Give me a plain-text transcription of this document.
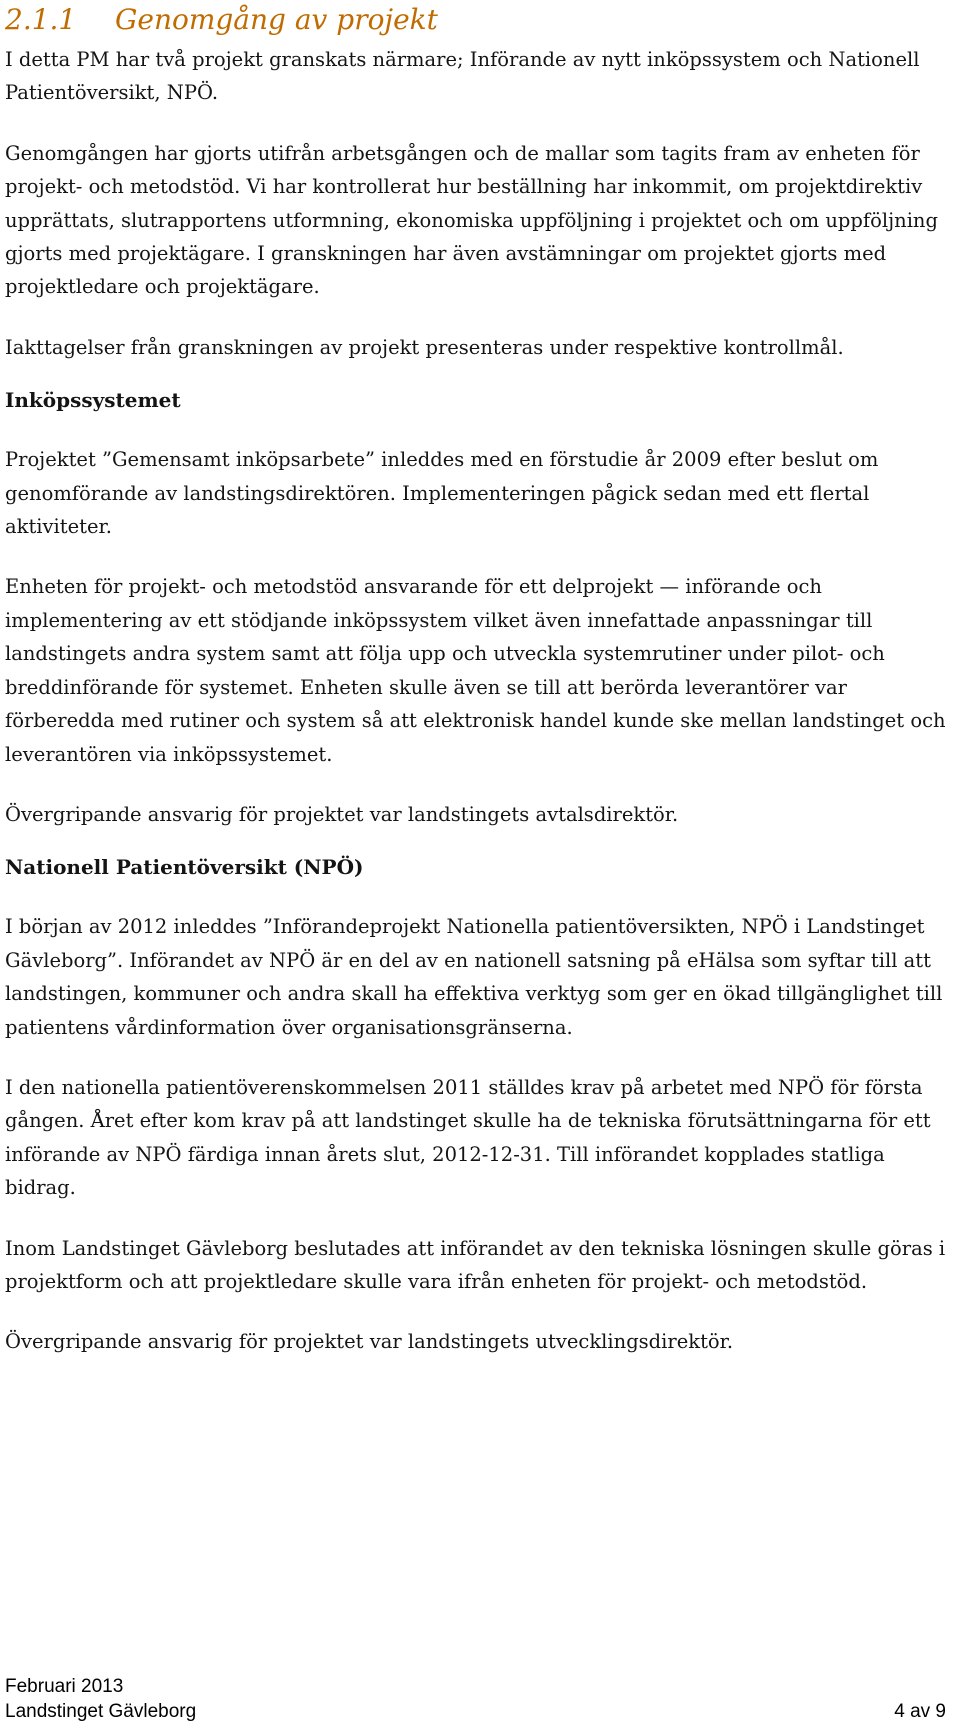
2.1.1 Genomgång av projekt

I detta PM har två projekt granskats närmare; Införande av nytt inköpssystem och Nationell Patientöversikt, NPÖ.

Genomgången har gjorts utifrån arbetsgången och de mallar som tagits fram av enheten för projekt- och metodstöd. Vi har kontrollerat hur beställning har inkommit, om projektdirektiv upprättats, slutrapportens utformning, ekonomiska uppföljning i projektet och om uppföljning gjorts med projektägare. I granskningen har även avstämningar om projektet gjorts med projektledare och projektägare.

Iakttagelser från granskningen av projekt presenteras under respektive kontrollmål.

Inköpssystemet

Projektet ”Gemensamt inköpsarbete” inleddes med en förstudie år 2009 efter beslut om genomförande av landstingsdirektören. Implementeringen pågick sedan med ett flertal aktiviteter.

Enheten för projekt- och metodstöd ansvarande för ett delprojekt — införande och implementering av ett stödjande inköpssystem vilket även innefattade anpassningar till landstingets andra system samt att följa upp och utveckla systemrutiner under pilot- och breddinförande för systemet. Enheten skulle även se till att berörda leverantörer var förberedda med rutiner och system så att elektronisk handel kunde ske mellan landstinget och leverantören via inköpssystemet.

Övergripande ansvarig för projektet var landstingets avtalsdirektör.

Nationell Patientöversikt (NPÖ)

I början av 2012 inleddes ”Införandeprojekt Nationella patientöversikten, NPÖ i Landstinget Gävleborg”. Införandet av NPÖ är en del av en nationell satsning på eHälsa som syftar till att landstingen, kommuner och andra skall ha effektiva verktyg som ger en ökad tillgänglighet till patientens vårdinformation över organisationsgränserna.

I den nationella patientöverenskommelsen 2011 ställdes krav på arbetet med NPÖ för första gången. Året efter kom krav på att landstinget skulle ha de tekniska förutsättningarna för ett införande av NPÖ färdiga innan årets slut, 2012-12-31. Till införandet kopplades statliga bidrag.

Inom Landstinget Gävleborg beslutades att införandet av den tekniska lösningen skulle göras i projektform och att projektledare skulle vara ifrån enheten för projekt- och metodstöd.

Övergripande ansvarig för projektet var landstingets utvecklingsdirektör.

Februari 2013
Landstinget Gävleborg	4 av 9
